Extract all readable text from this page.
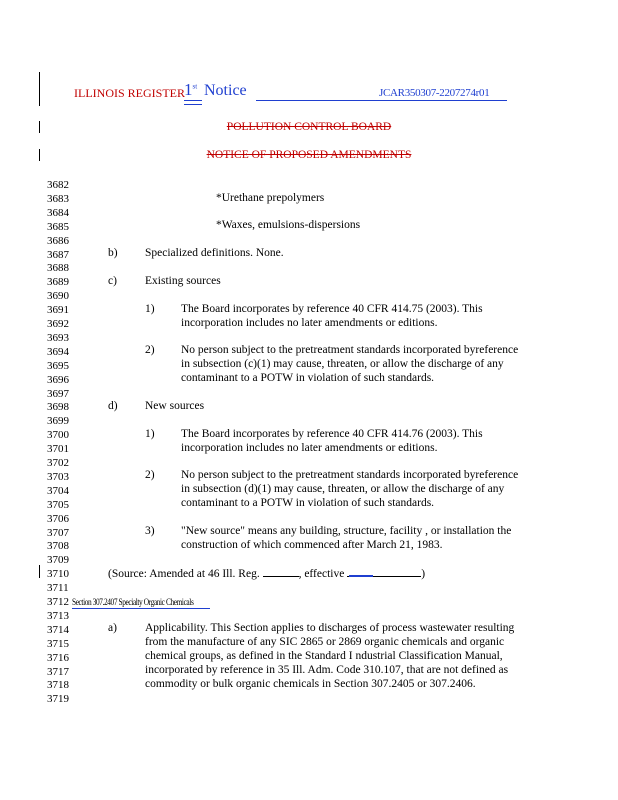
ILLINOIS REGISTER 1st Notice	JCAR350307-2207274r01
POLLUTION CONTROL BOARD
NOTICE OF PROPOSED AMENDMENTS
3682
3683
3684
3685
3686
3687
3688
3689
3690
3691
3692
3693
3694
3695
3696
3697
3698
3699
3700
3701
3702
3703
3704
3705
3706
3707
3708
3709
3710
3711
3712
3713
3714
3715
3716
3717
3718
3719
*Urethane prepolymers
*Waxes, emulsions-dispersions
b) Specialized definitions. None.
c) Existing sources
1) The Board incorporates by reference 40 CFR 414.75 (2003). This
incorporation includes no later amendments or editions.
2) No person subject to the pretreatment standards incorporated byreference
in subsection (c)(1) may cause, threaten, or allow the discharge of any
contaminant to a POTW in violation of such standards.
d) New sources
1) The Board incorporates by reference 40 CFR 414.76 (2003). This
incorporation includes no later amendments or editions.
2) No person subject to the pretreatment standards incorporated byreference
in subsection (d)(1) may cause, threaten, or allow the discharge of any
contaminant to a POTW in violation of such standards.
3) "New source" means any building, structure, facility , or installation the
construction of which commenced after March 21, 1983.
(Source: Amended at 46 Ill. Reg.	, effective	)
Section 307.2407 Specialty Organic Chemicals
a) Applicability. This Section applies to discharges of process wastewater resulting
from the manufacture of any SIC 2865 or 2869 organic chemicals and organic
chemical groups, as defined in the Standard I ndustrial Classification Manual,
incorporated by reference in 35 Ill. Adm. Code 310.107, that are not defined as
commodity or bulk organic chemicals in Section 307.2405 or 307.2406.
